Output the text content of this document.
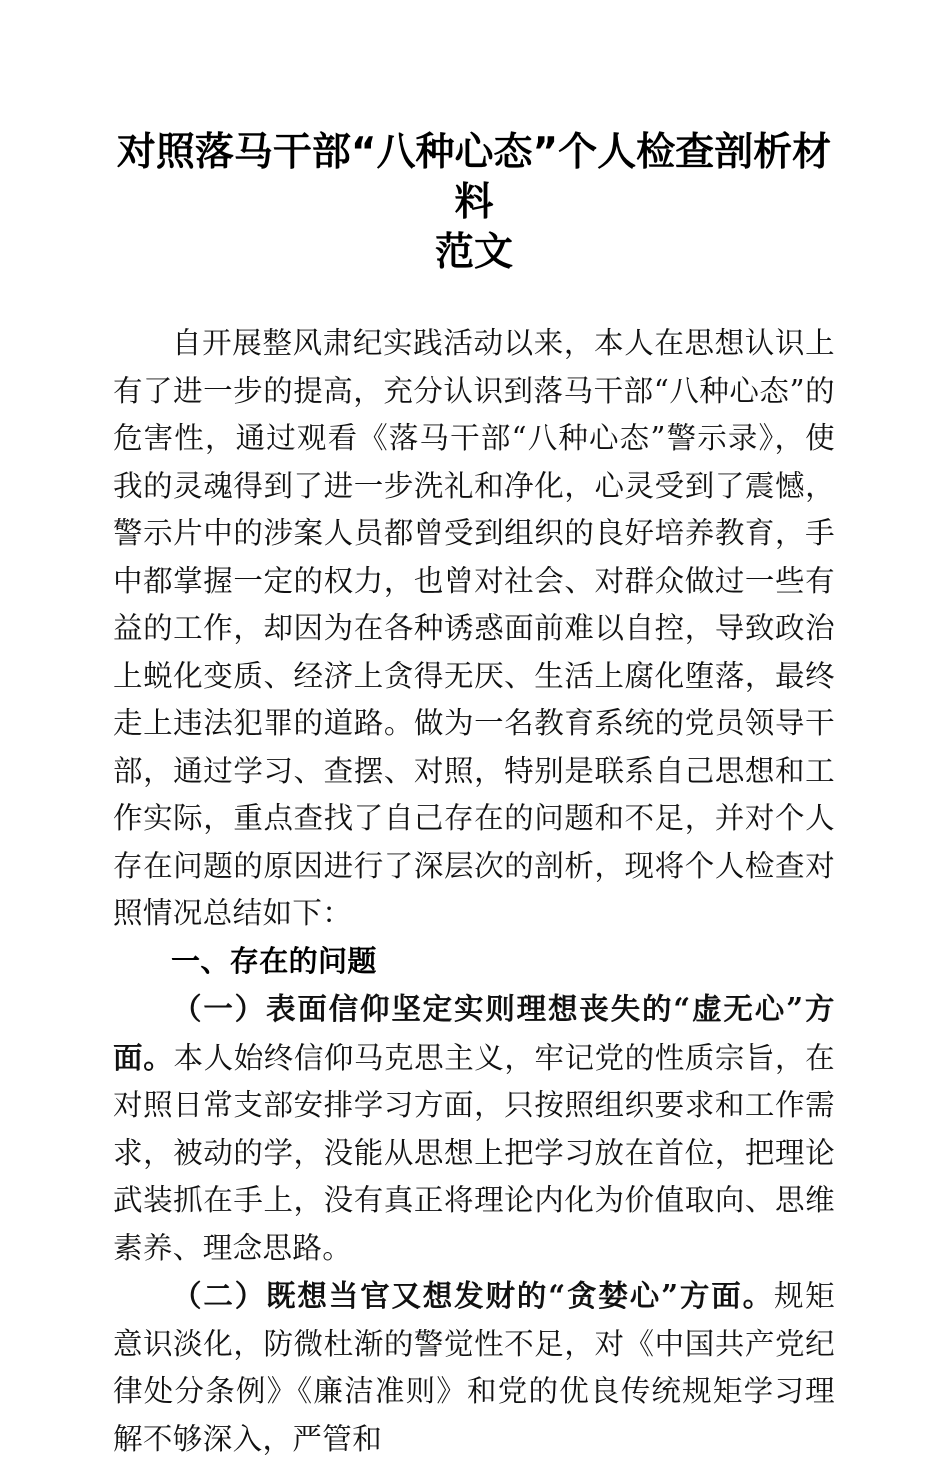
对照落马干部“八种心态”个人检查剖析材料
范文

自开展整风肃纪实践活动以来，本人在思想认识上有了进一步的提高，充分认识到落马干部“八种心态”的危害性，通过观看《落马干部“八种心态”警示录》，使我的灵魂得到了进一步洗礼和净化，心灵受到了震憾，警示片中的涉案人员都曾受到组织的良好培养教育，手中都掌握一定的权力，也曾对社会、对群众做过一些有益的工作，却因为在各种诱惑面前难以自控，导致政治上蜕化变质、经济上贪得无厌、生活上腐化堕落，最终走上违法犯罪的道路。做为一名教育系统的党员领导干部，通过学习、查摆、对照，特别是联系自己思想和工作实际，重点查找了自己存在的问题和不足，并对个人存在问题的原因进行了深层次的剖析，现将个人检查对照情况总结如下：

一、存在的问题

（一）表面信仰坚定实则理想丧失的“虚无心”方面。本人始终信仰马克思主义，牢记党的性质宗旨，在对照日常支部安排学习方面，只按照组织要求和工作需求，被动的学，没能从思想上把学习放在首位，把理论武装抓在手上，没有真正将理论内化为价值取向、思维素养、理念思路。

（二）既想当官又想发财的“贪婪心”方面。规矩意识淡化，防微杜渐的警觉性不足，对《中国共产党纪律处分条例》《廉洁准则》和党的优良传统规矩学习理解不够深入，严管和
